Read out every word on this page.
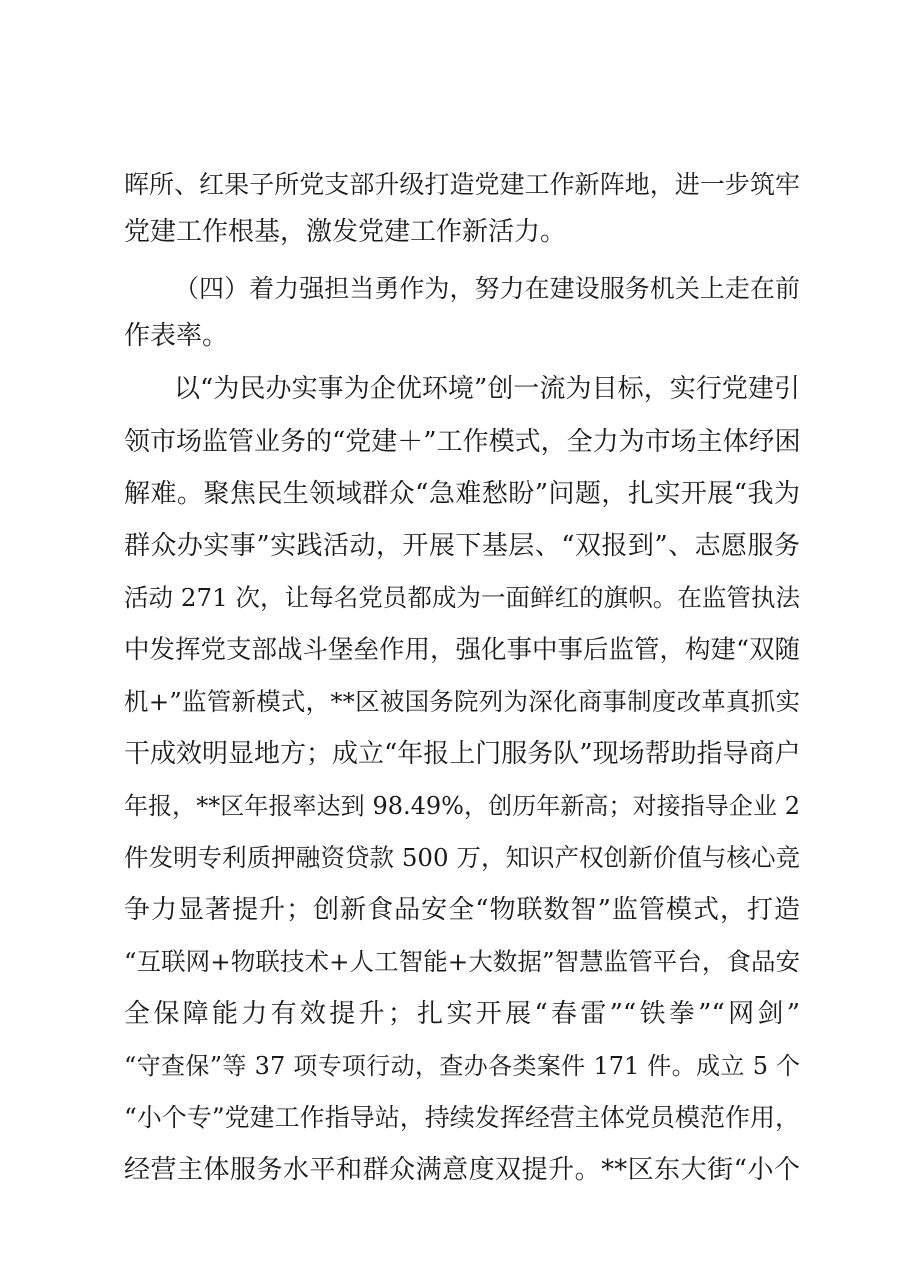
晖所、红果子所党支部升级打造党建工作新阵地，进一步筑牢
党建工作根基，激发党建工作新活力。
（四）着力强担当勇作为，努力在建设服务机关上走在前
作表率。
以“为民办实事为企优环境”创一流为目标，实行党建引
领市场监管业务的“党建＋”工作模式，全力为市场主体纾困
解难。聚焦民生领域群众“急难愁盼”问题，扎实开展“我为
群众办实事”实践活动，开展下基层、“双报到”、志愿服务
活动 271 次，让每名党员都成为一面鲜红的旗帜。在监管执法
中发挥党支部战斗堡垒作用，强化事中事后监管，构建“双随
机+”监管新模式，**区被国务院列为深化商事制度改革真抓实
干成效明显地方；成立“年报上门服务队”现场帮助指导商户
年报，**区年报率达到 98.49%，创历年新高；对接指导企业 2
件发明专利质押融资贷款 500 万，知识产权创新价值与核心竞
争力显著提升；创新食品安全“物联数智”监管模式，打造
“互联网+物联技术+人工智能+大数据”智慧监管平台，食品安
全保障能力有效提升；扎实开展“春雷”“铁拳”“网剑”
“守查保”等 37 项专项行动，查办各类案件 171 件。成立 5 个
“小个专”党建工作指导站，持续发挥经营主体党员模范作用，
经营主体服务水平和群众满意度双提升。**区东大街“小个
